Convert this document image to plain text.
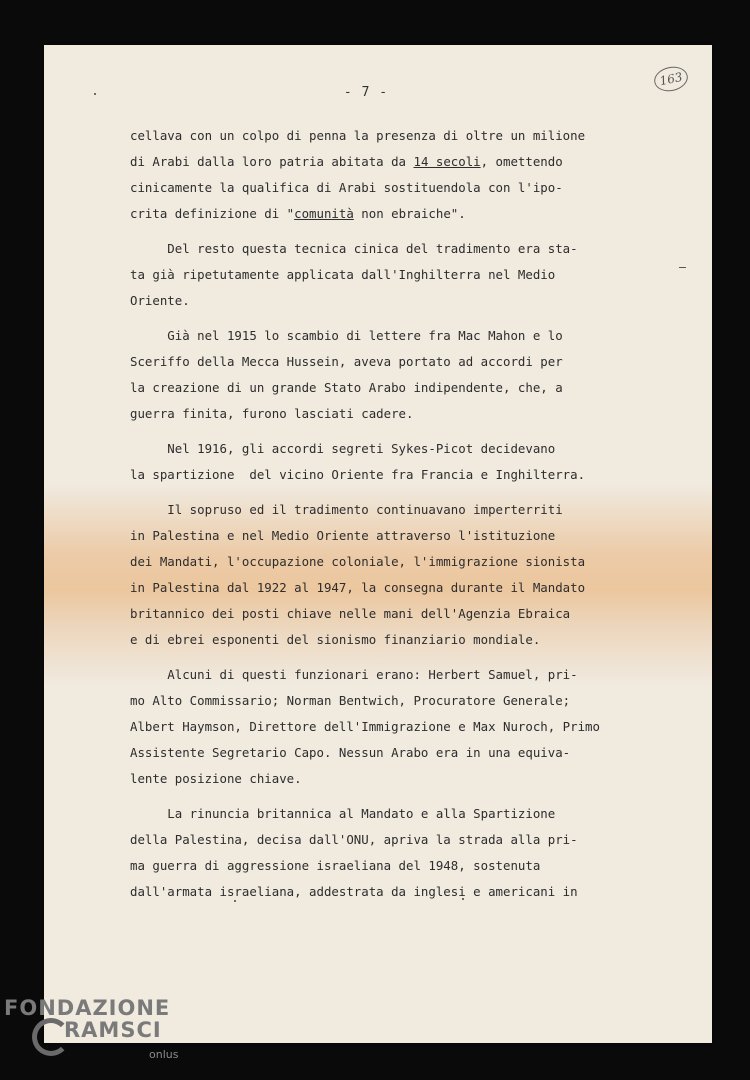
- 7 -
163
cellava con un colpo di penna la presenza di oltre un milione
di Arabi dalla loro patria abitata da 14 secoli, omettendo
cinicamente la qualifica di Arabi sostituendola con l'ipo-
crita definizione di "comunità non ebraiche".
Del resto questa tecnica cinica del tradimento era sta-
ta già ripetutamente applicata dall'Inghilterra nel Medio
Oriente.
Già nel 1915 lo scambio di lettere fra Mac Mahon e lo
Sceriffo della Mecca Hussein, aveva portato ad accordi per
la creazione di un grande Stato Arabo indipendente, che, a
guerra finita, furono lasciati cadere.
Nel 1916, gli accordi segreti Sykes-Picot decidevano
la spartizione  del vicino Oriente fra Francia e Inghilterra.
Il sopruso ed il tradimento continuavano imperterriti
in Palestina e nel Medio Oriente attraverso l'istituzione
dei Mandati, l'occupazione coloniale, l'immigrazione sionista
in Palestina dal 1922 al 1947, la consegna durante il Mandato
britannico dei posti chiave nelle mani dell'Agenzia Ebraica
e di ebrei esponenti del sionismo finanziario mondiale.
Alcuni di questi funzionari erano: Herbert Samuel, pri-
mo Alto Commissario; Norman Bentwich, Procuratore Generale;
Albert Haymson, Direttore dell'Immigrazione e Max Nuroch, Primo
Assistente Segretario Capo. Nessun Arabo era in una equiva-
lente posizione chiave.
La rinuncia britannica al Mandato e alla Spartizione
della Palestina, decisa dall'ONU, apriva la strada alla pri-
ma guerra di aggressione israeliana del 1948, sostenuta
dall'armata israeliana, addestrata da inglesi e americani in
FONDAZIONE
RAMSCI
onlus
